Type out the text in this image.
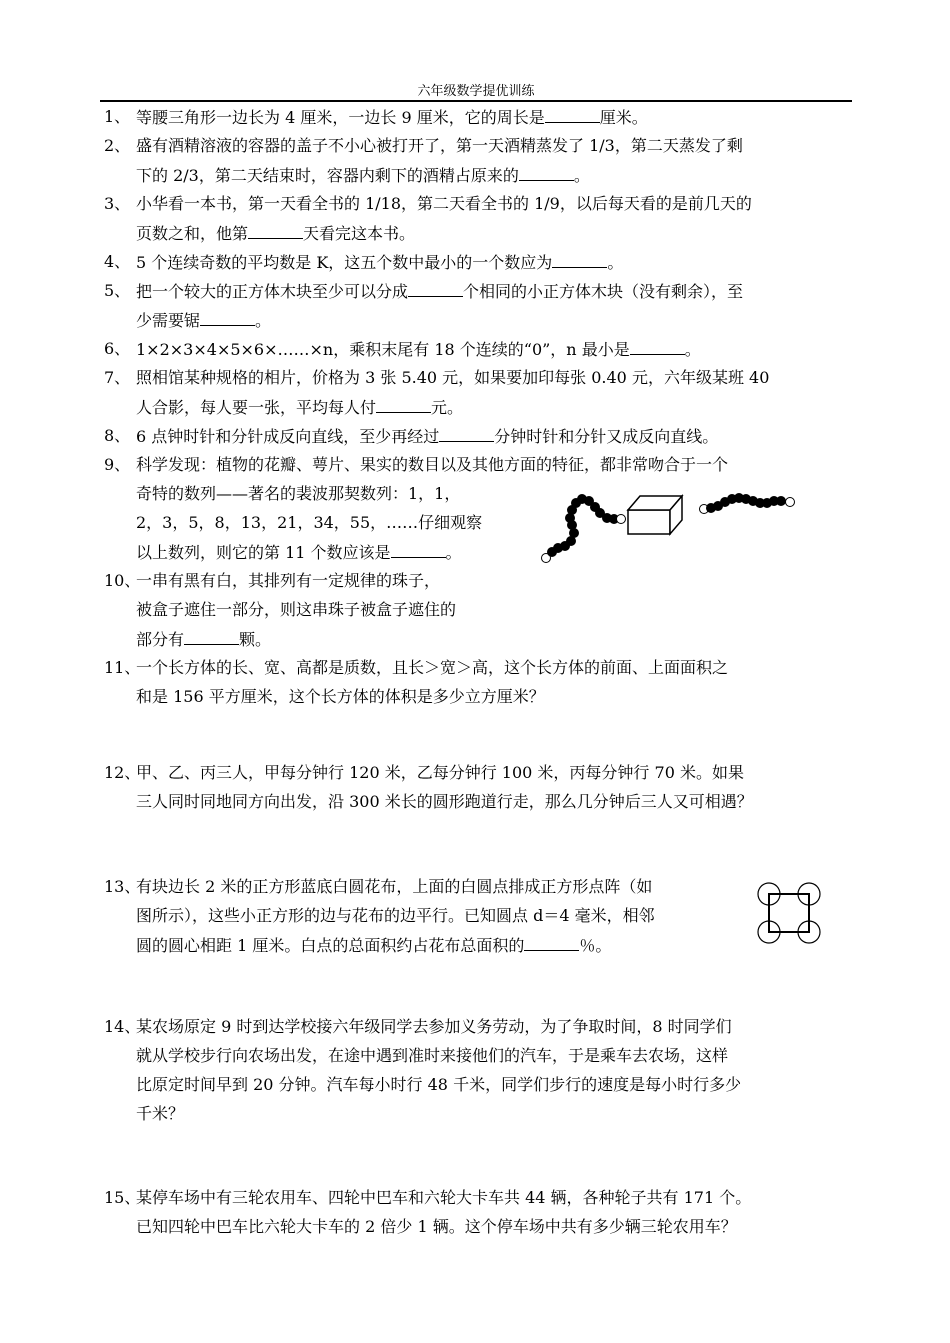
六年级数学提优训练
1、 等腰三角形一边长为 4 厘米，一边长 9 厘米，它的周长是	厘米。
2、 盛有酒精溶液的容器的盖子不小心被打开了，第一天酒精蒸发了 1/3，第二天蒸发了剩
下的 2/3，第二天结束时，容器内剩下的酒精占原来的	。
3、 小华看一本书，第一天看全书的 1/18，第二天看全书的 1/9，以后每天看的是前几天的
页数之和，他第	天看完这本书。
4、 5 个连续奇数的平均数是 K，这五个数中最小的一个数应为	。
5、 把一个较大的正方体木块至少可以分成	个相同的小正方体木块（没有剩余），至
少需要锯	。
6、 1×2×3×4×5×6×……×n，乘积末尾有 18 个连续的“0”，n 最小是	。
7、 照相馆某种规格的相片，价格为 3 张 5.40 元，如果要加印每张 0.40 元，六年级某班 40
人合影，每人要一张，平均每人付	元。
8、 6 点钟时针和分针成反向直线，至少再经过	分钟时针和分针又成反向直线。
9、 科学发现：植物的花瓣、萼片、果实的数目以及其他方面的特征，都非常吻合于一个
奇特的数列——著名的裴波那契数列：1，1，
2，3，5，8，13，21，34，55，……仔细观察
以上数列，则它的第 11 个数应该是	。
10、
一串有黑有白，其排列有一定规律的珠子，
被盒子遮住一部分，则这串珠子被盒子遮住的
部分有	颗。
11、
一个长方体的长、宽、高都是质数，且长＞宽＞高，这个长方体的前面、上面面积之
和是 156 平方厘米，这个长方体的体积是多少立方厘米？
12、
甲、乙、丙三人，甲每分钟行 120 米，乙每分钟行 100 米，丙每分钟行 70 米。如果
三人同时同地同方向出发，沿 300 米长的圆形跑道行走，那么几分钟后三人又可相遇？
13、
有块边长 2 米的正方形蓝底白圆花布，上面的白圆点排成正方形点阵（如
图所示），这些小正方形的边与花布的边平行。已知圆点 d＝4 毫米，相邻
圆的圆心相距 1 厘米。白点的总面积约占花布总面积的	％。
14、
某农场原定 9 时到达学校接六年级同学去参加义务劳动，为了争取时间，8 时同学们
就从学校步行向农场出发，在途中遇到准时来接他们的汽车，于是乘车去农场，这样
比原定时间早到 20 分钟。汽车每小时行 48 千米，同学们步行的速度是每小时行多少
千米？
15、
某停车场中有三轮农用车、四轮中巴车和六轮大卡车共 44 辆，各种轮子共有 171 个。
已知四轮中巴车比六轮大卡车的 2 倍少 1 辆。这个停车场中共有多少辆三轮农用车？
